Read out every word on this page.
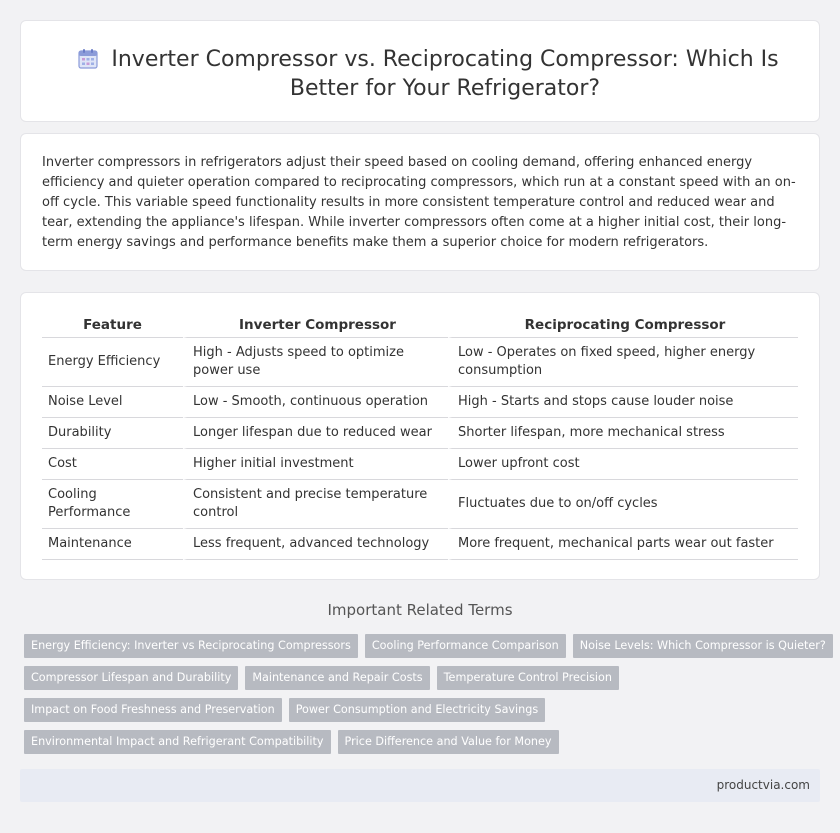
Inverter Compressor vs. Reciprocating Compressor: Which Is Better for Your Refrigerator?

Inverter compressors in refrigerators adjust their speed based on cooling demand, offering enhanced energy efficiency and quieter operation compared to reciprocating compressors, which run at a constant speed with an on-off cycle. This variable speed functionality results in more consistent temperature control and reduced wear and tear, extending the appliance's lifespan. While inverter compressors often come at a higher initial cost, their long-term energy savings and performance benefits make them a superior choice for modern refrigerators.

Feature	Inverter Compressor	Reciprocating Compressor
Energy Efficiency	High - Adjusts speed to optimize power use	Low - Operates on fixed speed, higher energy consumption
Noise Level	Low - Smooth, continuous operation	High - Starts and stops cause louder noise
Durability	Longer lifespan due to reduced wear	Shorter lifespan, more mechanical stress
Cost	Higher initial investment	Lower upfront cost
Cooling Performance	Consistent and precise temperature control	Fluctuates due to on/off cycles
Maintenance	Less frequent, advanced technology	More frequent, mechanical parts wear out faster
Important Related Terms
Energy Efficiency: Inverter vs Reciprocating Compressors	Cooling Performance Comparison	Noise Levels: Which Compressor is Quieter?
Compressor Lifespan and Durability	Maintenance and Repair Costs	Temperature Control Precision
Impact on Food Freshness and Preservation	Power Consumption and Electricity Savings
Environmental Impact and Refrigerant Compatibility	Price Difference and Value for Money
productvia.com
